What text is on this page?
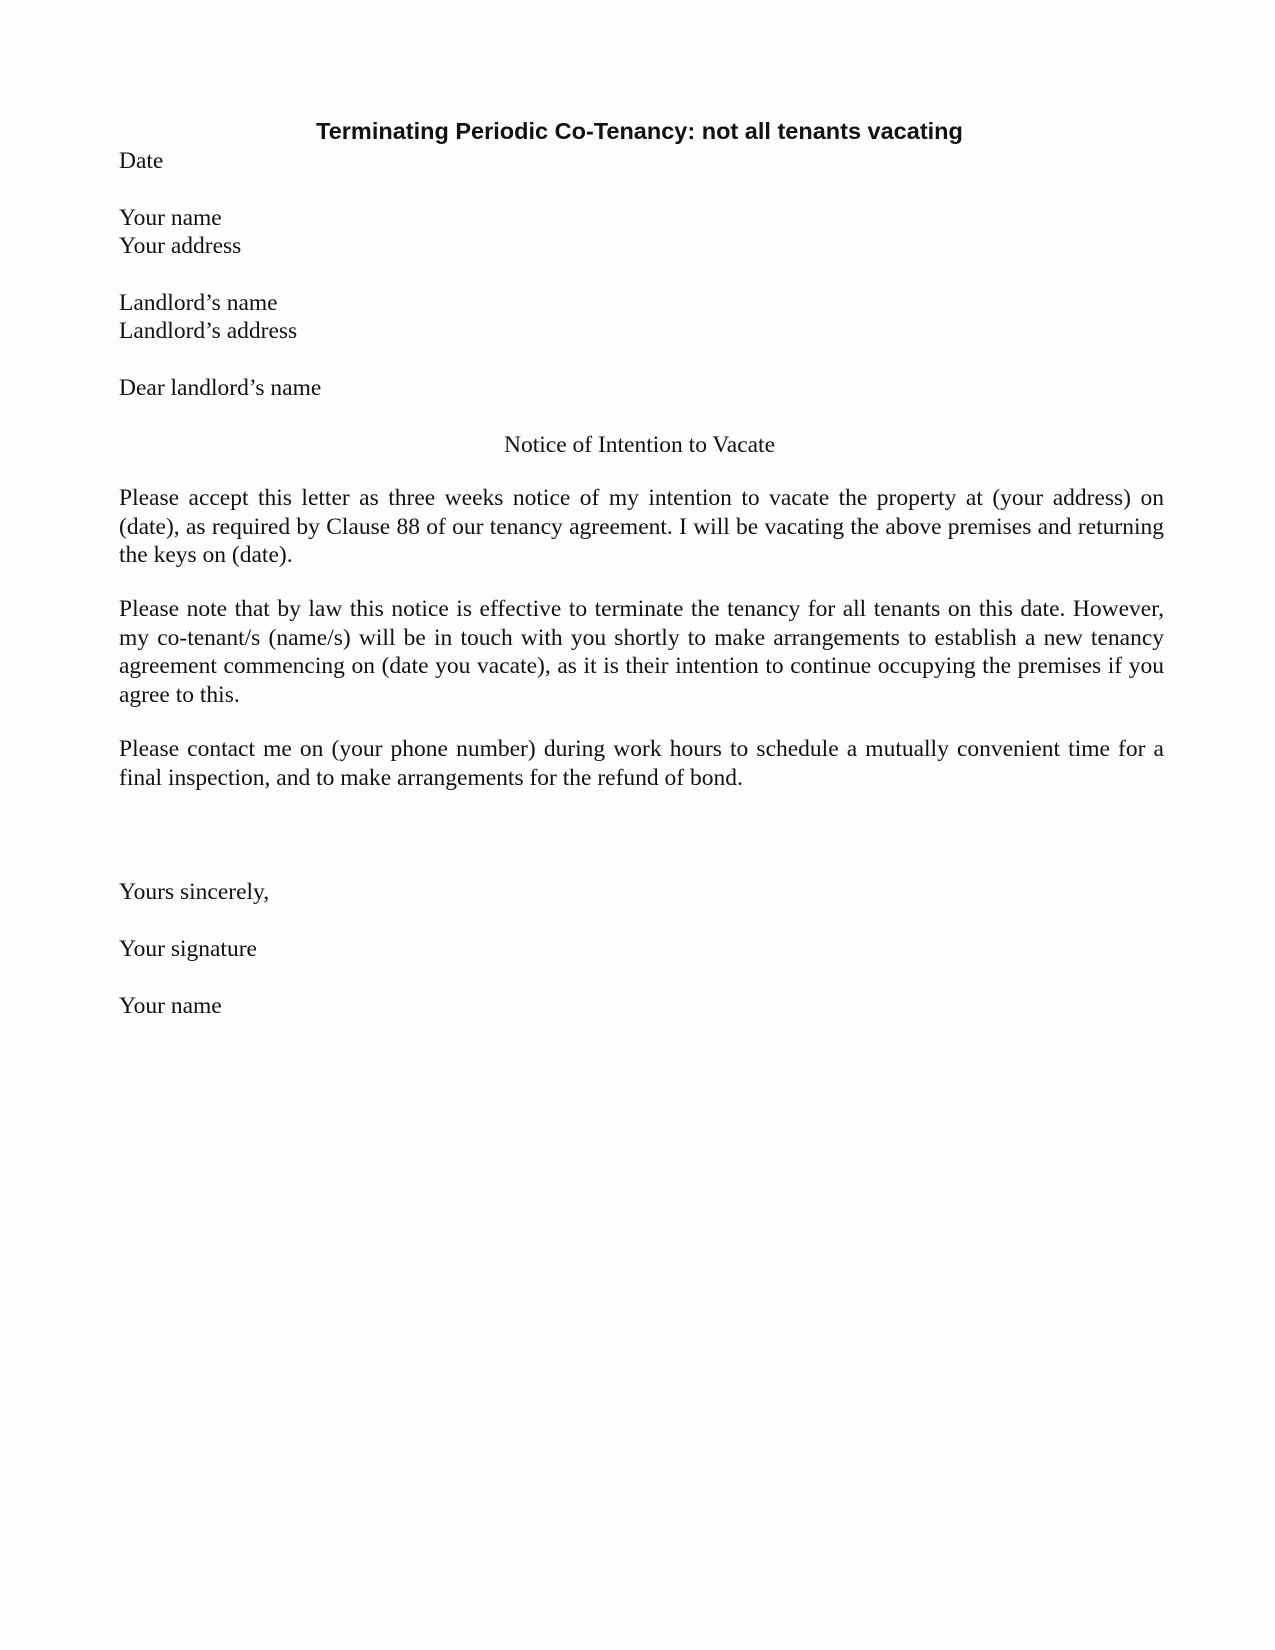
Terminating Periodic Co-Tenancy: not all tenants vacating
Date
Your name
Your address
Landlord’s name
Landlord’s address
Dear landlord’s name
Notice of Intention to Vacate
Please accept this letter as three weeks notice of my intention to vacate the property at (your address) on (date), as required by Clause 88 of our tenancy agreement. I will be vacating the above premises and returning the keys on (date).
Please note that by law this notice is effective to terminate the tenancy for all tenants on this date. However, my co-tenant/s (name/s) will be in touch with you shortly to make arrangements to establish a new tenancy agreement commencing on (date you vacate), as it is their intention to continue occupying the premises if you agree to this.
Please contact me on (your phone number) during work hours to schedule a mutually convenient time for a final inspection, and to make arrangements for the refund of bond.
Yours sincerely,
Your signature
Your name
